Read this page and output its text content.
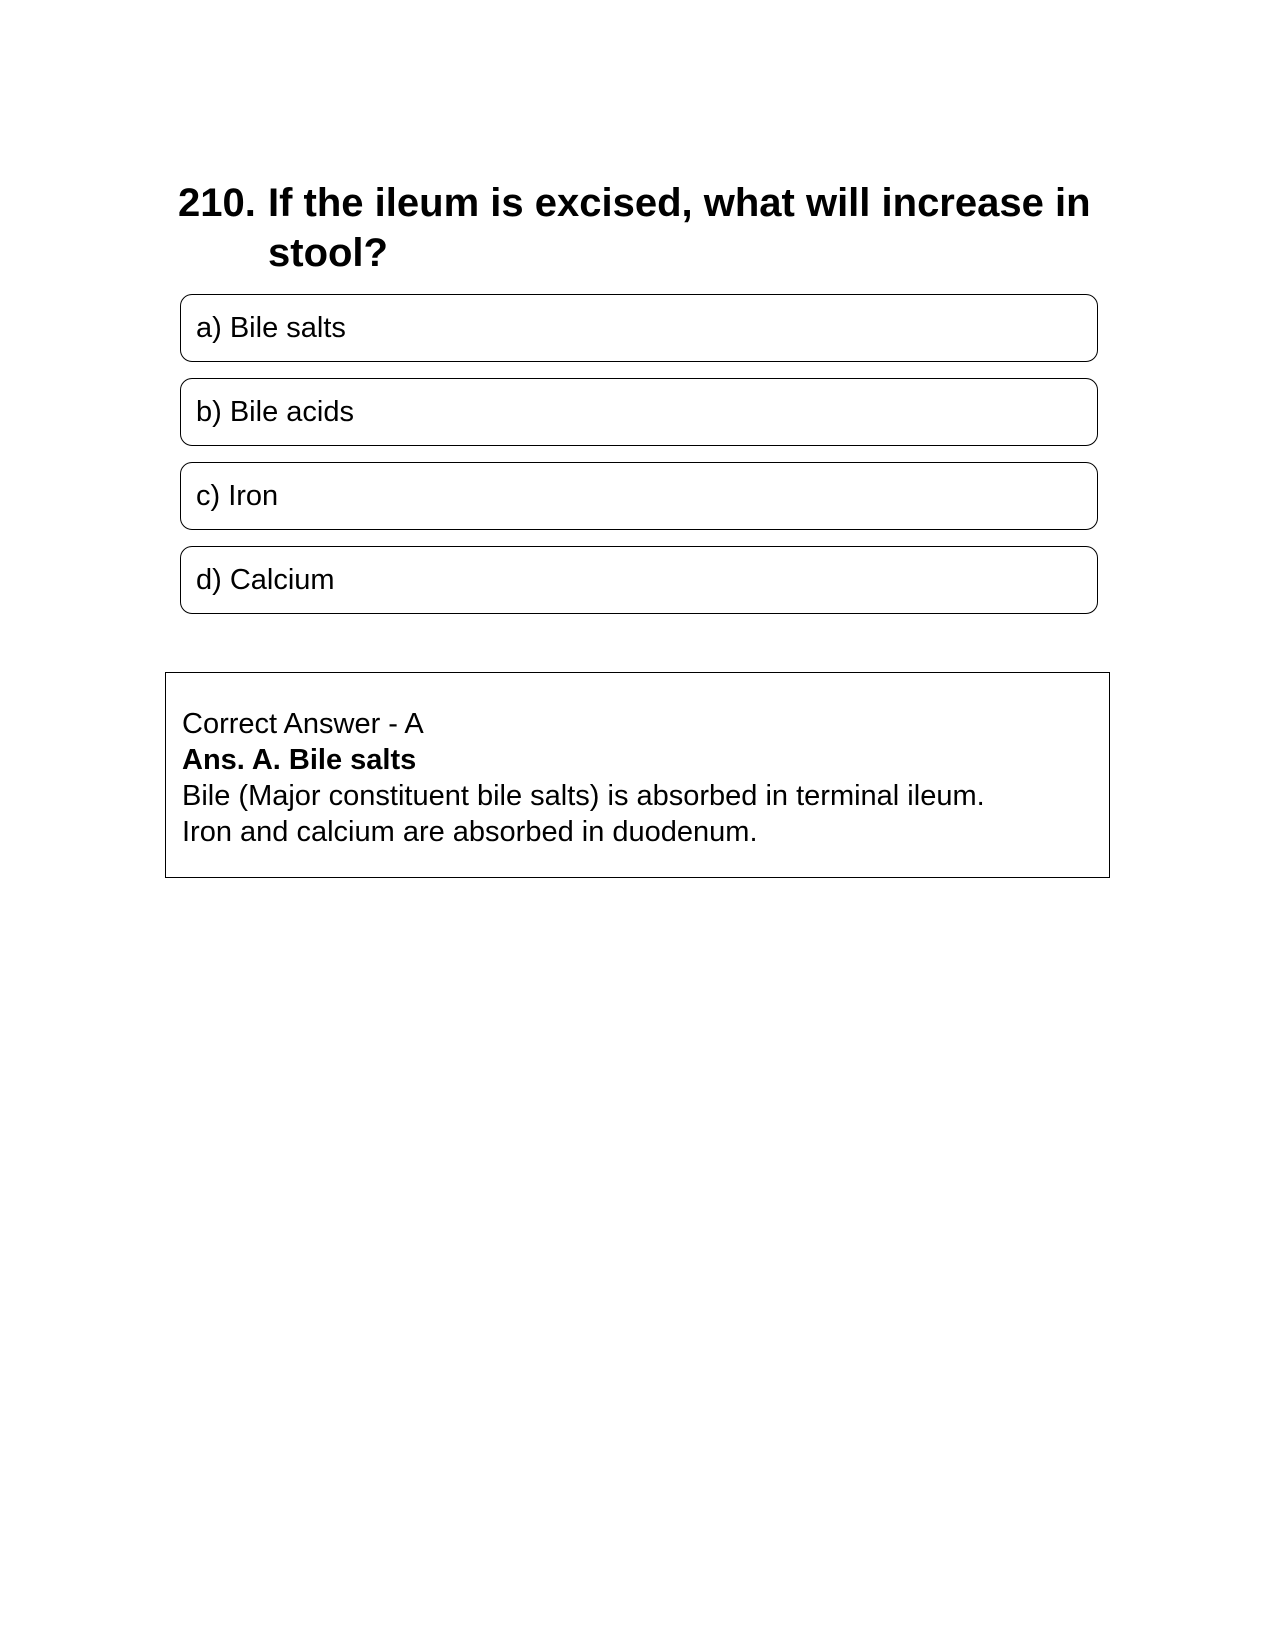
210. If the ileum is excised, what will increase in stool?
a) Bile salts
b) Bile acids
c) Iron
d) Calcium
Correct Answer - A
Ans. A. Bile salts
Bile (Major constituent bile salts) is absorbed in terminal ileum.
Iron and calcium are absorbed in duodenum.
